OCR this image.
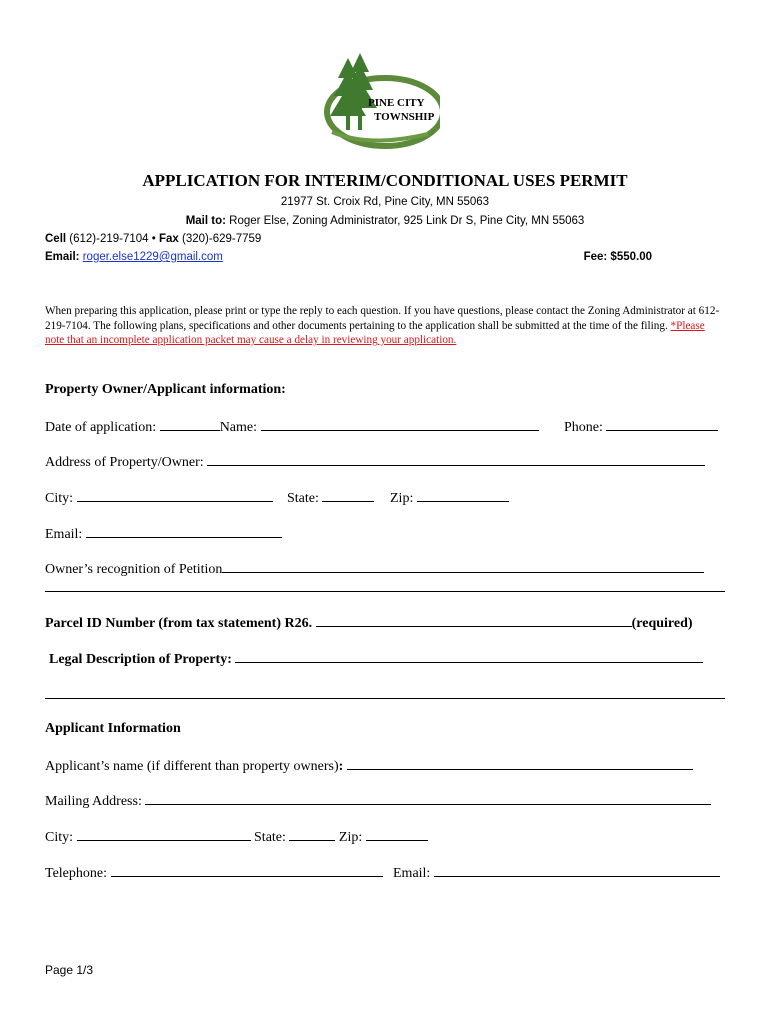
PINE CITY
TOWNSHIP
APPLICATION FOR INTERIM/CONDITIONAL USES PERMIT
21977 St. Croix Rd, Pine City, MN 55063
Mail to: Roger Else, Zoning Administrator, 925 Link Dr S, Pine City, MN 55063
Cell (612)-219-7104 • Fax (320)-629-7759
Email: roger.else1229@gmail.com	Fee: $550.00
When preparing this application, please print or type the reply to each question. If you have questions, please contact the Zoning Administrator at 612-219-7104. The following plans, specifications and other documents pertaining to the application shall be submitted at the time of the filing. *Please note that an incomplete application packet may cause a delay in reviewing your application.
Property Owner/Applicant information:
Date of application:	Name:	Phone:
Address of Property/Owner:
City:	State:	Zip:
Email:
Owner’s recognition of Petition
Parcel ID Number (from tax statement) R26.	(required)
Legal Description of Property:
Applicant Information
Applicant’s name (if different than property owners):
Mailing Address:
City:	State:	Zip:
Telephone:	Email:
Page 1/3
